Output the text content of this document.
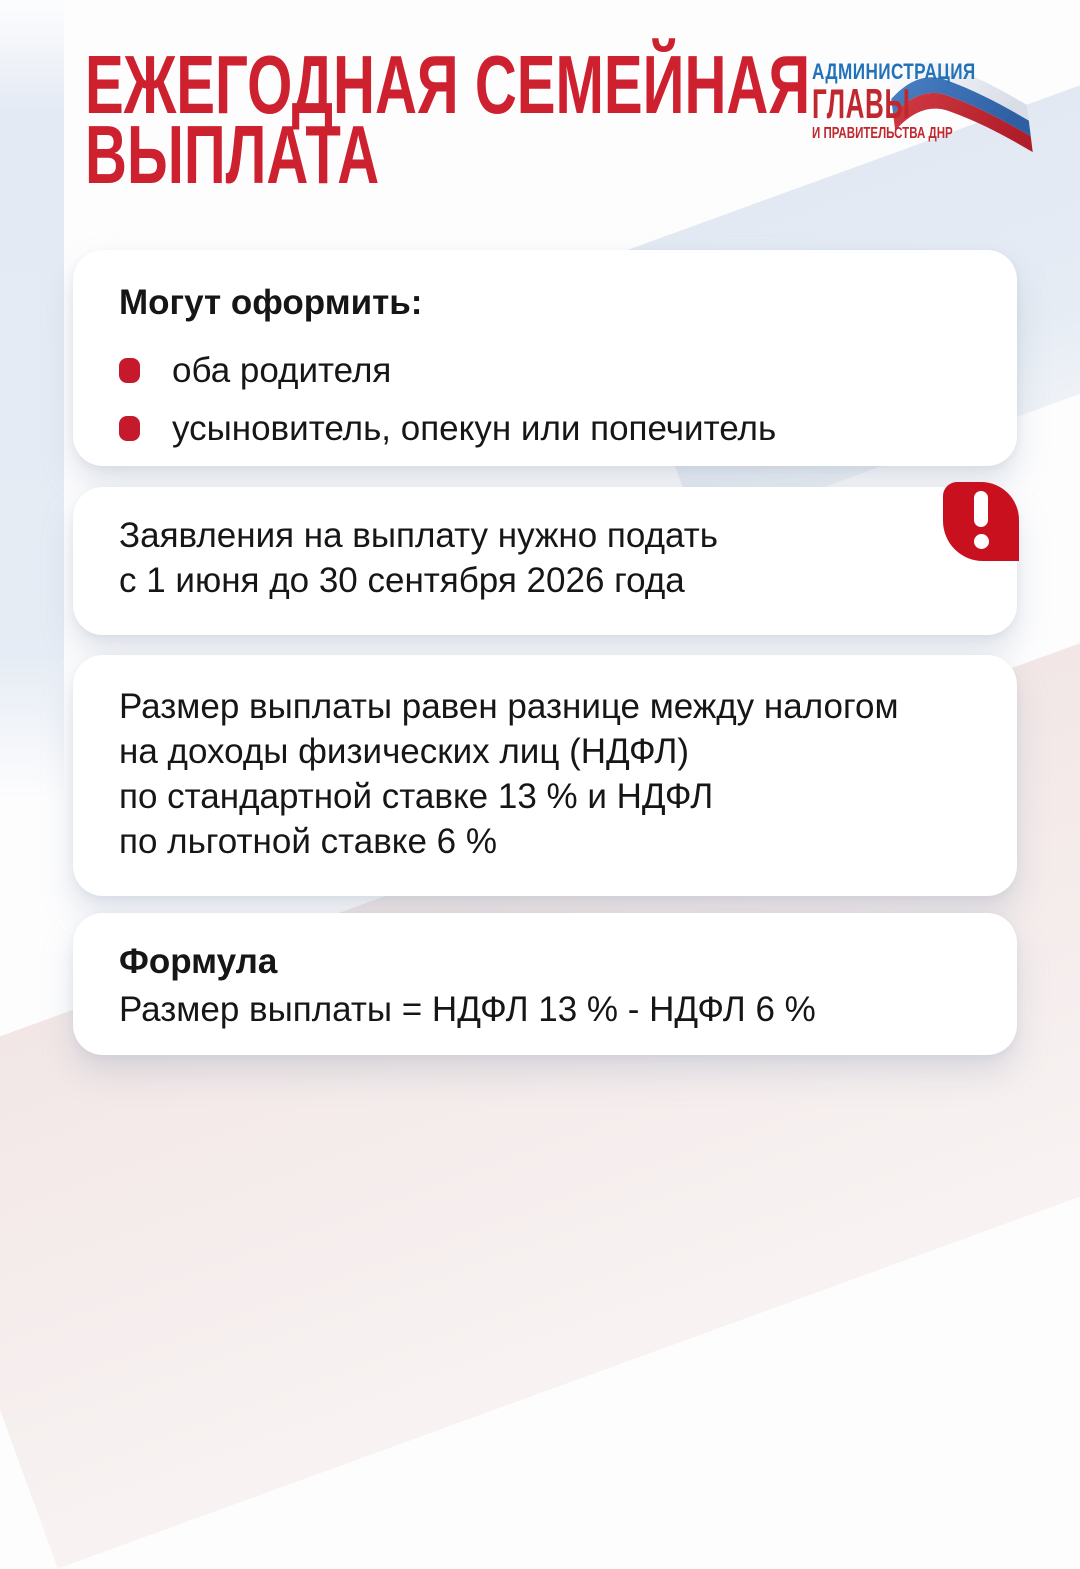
ЕЖЕГОДНАЯ СЕМЕЙНАЯ
ВЫПЛАТА
АДМИНИСТРАЦИЯ
ГЛАВЫ
И ПРАВИТЕЛЬСТВА ДНР
Могут оформить:
оба родителя
усыновитель, опекун или попечитель
Заявления на выплату нужно подать
с 1 июня до 30 сентября 2026 года
Размер выплаты равен разнице между налогом
на доходы физических лиц (НДФЛ)
по стандартной ставке 13 % и НДФЛ
по льготной ставке 6 %
Формула
Размер выплаты = НДФЛ 13 % - НДФЛ 6 %
